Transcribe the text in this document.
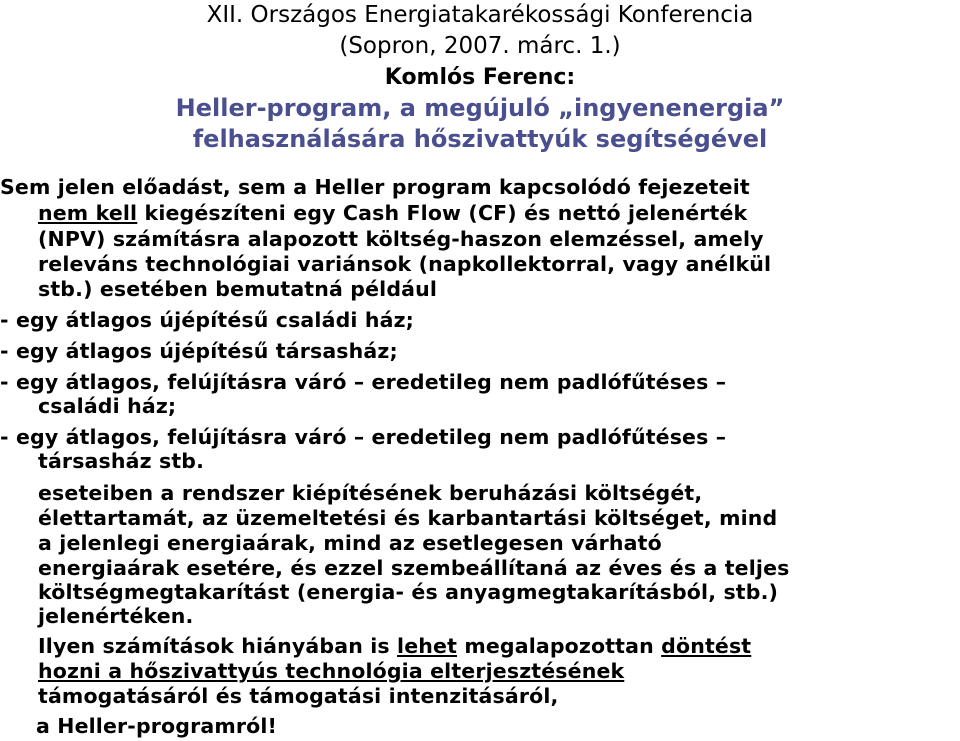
XII. Országos Energiatakarékossági Konferencia
(Sopron, 2007. márc. 1.)
Komlós Ferenc:
Heller-program, a megújuló „ingyenenergia”
felhasználására hőszivattyúk segítségével
Sem jelen előadást, sem a Heller program kapcsolódó fejezeteit
nem kell kiegészíteni egy Cash Flow (CF) és nettó jelenérték
(NPV) számításra alapozott költség-haszon elemzéssel, amely
releváns technológiai variánsok (napkollektorral, vagy anélkül
stb.) esetében bemutatná például
- egy átlagos újépítésű családi ház;
- egy átlagos újépítésű társasház;
- egy átlagos, felújításra váró – eredetileg nem padlófűtéses –
családi ház;
- egy átlagos, felújításra váró – eredetileg nem padlófűtéses –
társasház stb.
eseteiben a rendszer kiépítésének beruházási költségét,
élettartamát, az üzemeltetési és karbantartási költséget, mind
a jelenlegi energiaárak, mind az esetlegesen várható
energiaárak esetére, és ezzel szembeállítaná az éves és a teljes
költségmegtakarítást (energia- és anyagmegtakarításból, stb.)
jelenértéken.
Ilyen számítások hiányában is lehet megalapozottan döntést
hozni a hőszivattyús technológia elterjesztésének
támogatásáról és támogatási intenzitásáról,
a Heller-programról!
